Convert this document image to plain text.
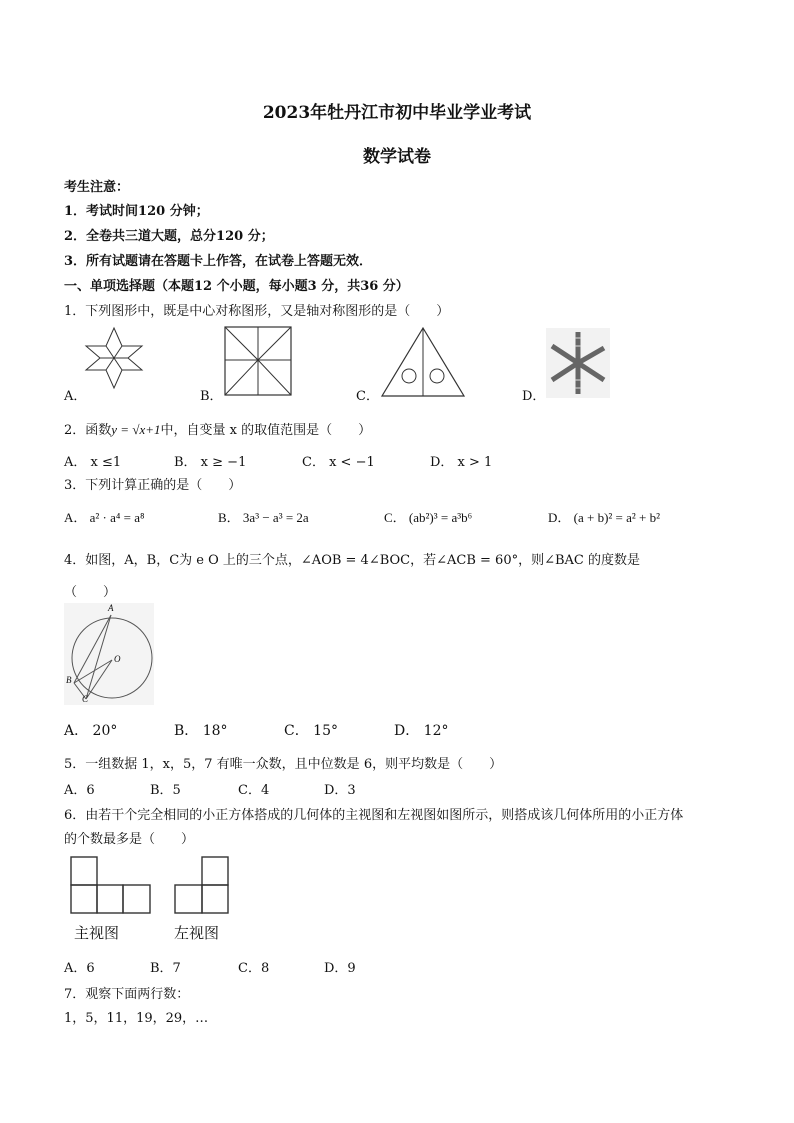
2023年牡丹江市初中毕业学业考试
数学试卷
考生注意：
1．考试时间120 分钟；
2．全卷共三道大题，总分120 分；
3．所有试题请在答题卡上作答，在试卷上答题无效．
一、单项选择题（本题12 个小题，每小题3 分，共36 分）
1．下列图形中，既是中心对称图形，又是轴对称图形的是（　　）
A．	B．	C．	D．
2．函数y = √x+1中，自变量 x 的取值范围是（　　）
A． x ≤1	B． x ≥ −1	C． x < −1	D． x > 1
3．下列计算正确的是（　　）
A． a² · a⁴ = a⁸	B． 3a³ − a³ = 2a	C． (ab²)³ = a³b⁶	D． (a + b)² = a² + b²
4．如图，A，B，C为 e O 上的三个点，∠AOB = 4∠BOC，若∠ACB = 60°，则∠BAC 的度数是
（　　）
A
O
B
C
A． 20°	B． 18°	C． 15°	D． 12°
5．一组数据 1，x，5，7 有唯一众数，且中位数是 6，则平均数是（　　）
A．6	B．5	C．4	D．3
6．由若干个完全相同的小正方体搭成的几何体的主视图和左视图如图所示，则搭成该几何体所用的小正方体
的个数最多是（　　）
主视图	左视图
A．6	B．7	C．8	D．9
7．观察下面两行数：
1，5，11，19，29，…
